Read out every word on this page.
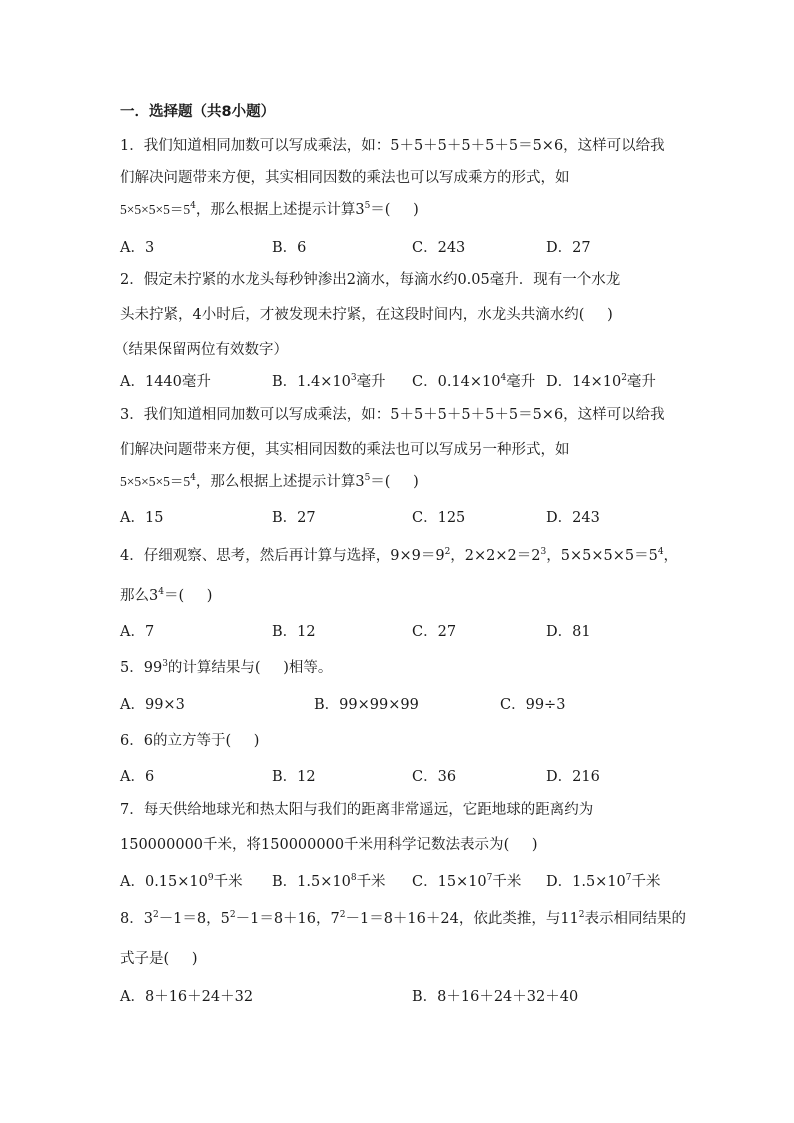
一．选择题（共8小题）
1．我们知道相同加数可以写成乘法，如：5＋5＋5＋5＋5＋5＝5×6，这样可以给我
们解决问题带来方便，其实相同因数的乘法也可以写成乘方的形式，如
$5\times 5\times 5\times 5=5^4$，那么根据上述提示计算$3^5=$( )
A．3	B．6	C．243	D．27
2．假定未拧紧的水龙头每秒钟渗出2滴水，每滴水约0.05毫升．现有一个水龙
头未拧紧，4小时后，才被发现未拧紧，在这段时间内，水龙头共滴水约( )
（结果保留两位有效数字）
A．1440毫升	B．$1.4\times 10^3$毫升 C．$0.14\times 10^4$毫升 D．$14\times 10^2$毫升
3．我们知道相同加数可以写成乘法，如：5＋5＋5＋5＋5＋5＝5×6，这样可以给我
们解决问题带来方便，其实相同因数的乘法也可以写成另一种形式，如
$5\times 5\times 5\times 5=5^4$，那么根据上述提示计算$3^5=$( )
A．15	B．27	C．125	D．243
4．仔细观察、思考，然后再计算与选择，$9\times 9=9^2$，$2\times 2\times 2=2^3$，$5\times 5\times 5\times 5=5^4$，
那么$3^4=$( )
A．7	B．12	C．27	D．81
5．$99^3$的计算结果与( ) 相等。
A．99×3	B．99×99×99	C．99÷3
6．6的立方等于( )
A．6	B．12	C．36	D．216
7．每天供给地球光和热太阳与我们的距离非常遥远，它距地球的距离约为
150000000千米，将150000000千米用科学记数法表示为( )
A．$0.15\times 10^9$千米 B．$1.5\times 10^8$千米 C．$15\times 10^7$千米 D．$1.5\times 10^7$千米
8．$3^2-1=8$，$5^2-1=8+16$，$7^2-1=8+16+24$，依此类推，与$11^2$表示相同结果的
式子是( )
A．8＋16＋24＋32	B．8＋16＋24＋32＋40
